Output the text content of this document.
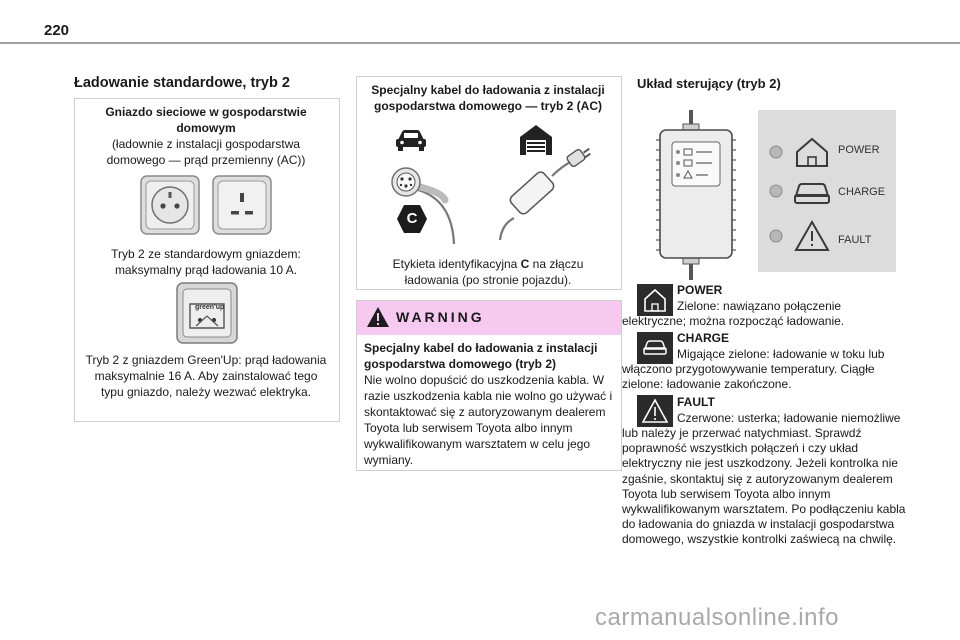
220
Ładowanie standardowe, tryb 2
Gniazdo sieciowe w gospodarstwie domowym
(ładownie z instalacji gospodarstwa domowego — prąd przemienny (AC))
Tryb 2 ze standardowym gniazdem: maksymalny prąd ładowania 10 A.
green'up
Tryb 2 z gniazdem Green'Up: prąd ładowania maksymalnie 16 A. Aby zainstalować tego typu gniazdo, należy wezwać elektryka.
Specjalny kabel do ładowania z instalacji gospodarstwa domowego — tryb 2 (AC)
C
Etykieta identyfikacyjna C na złączu ładowania (po stronie pojazdu).
WARNING
Specjalny kabel do ładowania z instalacji gospodarstwa domowego (tryb 2)
Nie wolno dopuścić do uszkodzenia kabla. W razie uszkodzenia kabla nie wolno go używać i skontaktować się z autoryzowanym dealerem Toyota lub serwisem Toyota albo innym wykwalifikowanym warsztatem w celu jego wymiany.
Układ sterujący (tryb 2)
POWER
CHARGE
FAULT
POWER
Zielone: nawiązano połączenie
elektryczne; można rozpocząć ładowanie.
CHARGE
Migające zielone: ładowanie w toku lub
włączono przygotowywanie temperatury. Ciągłe zielone: ładowanie zakończone.
FAULT
Czerwone: usterka; ładowanie niemożliwe
lub należy je przerwać natychmiast. Sprawdź poprawność wszystkich połączeń i czy układ elektryczny nie jest uszkodzony. Jeżeli kontrolka nie zgaśnie, skontaktuj się z autoryzowanym dealerem Toyota lub serwisem Toyota albo innym wykwalifikowanym warsztatem. Po podłączeniu kabla do ładowania do gniazda w instalacji gospodarstwa domowego, wszystkie kontrolki zaświecą na chwilę.
carmanualsonline.info
